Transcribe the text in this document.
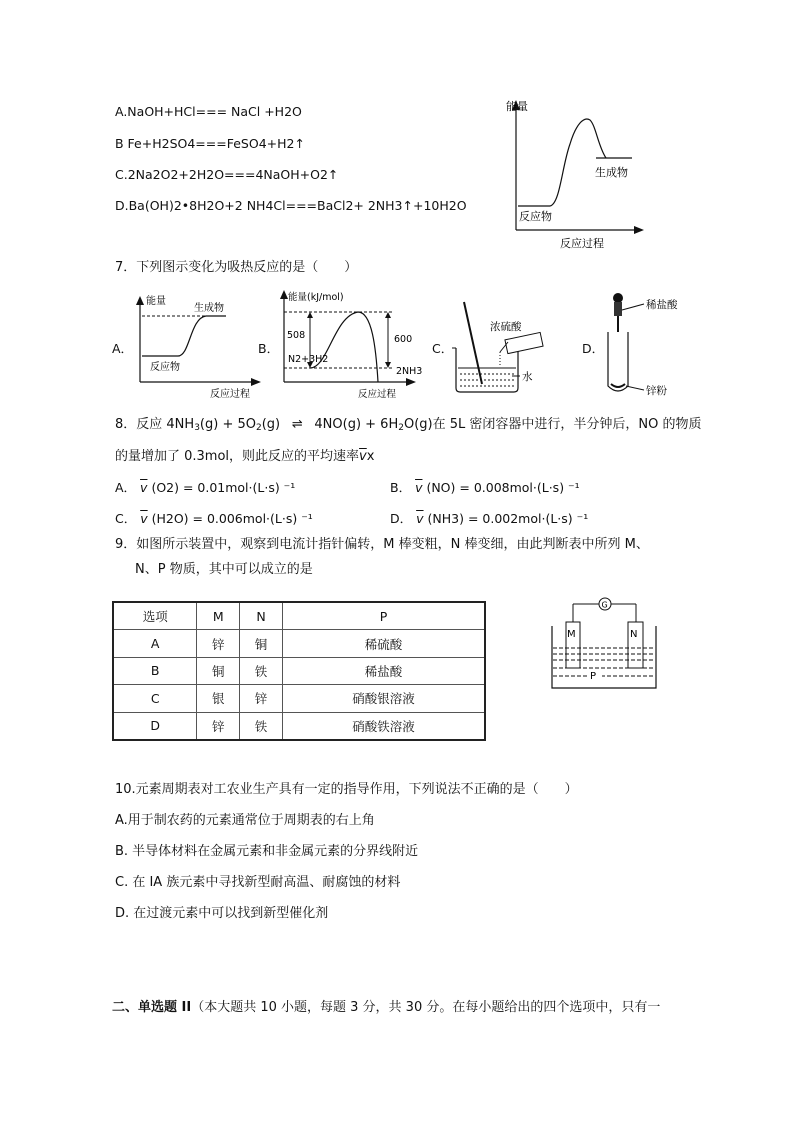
A.NaOH+HCl=== NaCl +H2O
B Fe+H2SO4===FeSO4+H2↑
C.2Na2O2+2H2O===4NaOH+O2↑
D.Ba(OH)2•8H2O+2 NH4Cl===BaCl2+ 2NH3↑+10H2O
能量
生成物
反应物
反应过程
7．下列图示变化为吸热反应的是（　　）
A．
能量
生成物
反应物
反应过程
B．
能量(kJ/mol)
508	600
N2+3H2
2NH3
反应过程
C．
浓硫酸
水
D．
稀盐酸
锌粉
8．反应 $4NH_3(g) + 5O_2(g)$ ⇌ $4NO(g) + 6H_2O(g)$在 5L 密闭容器中进行，半分钟后，NO 的物质
的量增加了 0.3mol，则此反应的平均速率$\overline{v}x$
A． $\overline{v}$ (O2) = 0.01mol·(L·s) ⁻¹	B． $\overline{v}$ (NO) = 0.008mol·(L·s) ⁻¹
C． $\overline{v}$ (H2O) = 0.006mol·(L·s) ⁻¹	D． $\overline{v}$ (NH3) = 0.002mol·(L·s) ⁻¹
9．如图所示装置中，观察到电流计指针偏转，M 棒变粗，N 棒变细，由此判断表中所列 M、
N、P 物质，其中可以成立的是
选项	M	N	P
A	锌	铜	稀硫酸
B	铜	铁	稀盐酸
C	银	锌	硝酸银溶液
D	锌	铁	硝酸铁溶液
G
M	N
P
10.元素周期表对工农业生产具有一定的指导作用，下列说法不正确的是（　　）
A.用于制农药的元素通常位于周期表的右上角
B. 半导体材料在金属元素和非金属元素的分界线附近
C. 在 IA 族元素中寻找新型耐高温、耐腐蚀的材料
D. 在过渡元素中可以找到新型催化剂
二、单选题 II（本大题共 10 小题，每题 3 分，共 30 分。在每小题给出的四个选项中，只有一
